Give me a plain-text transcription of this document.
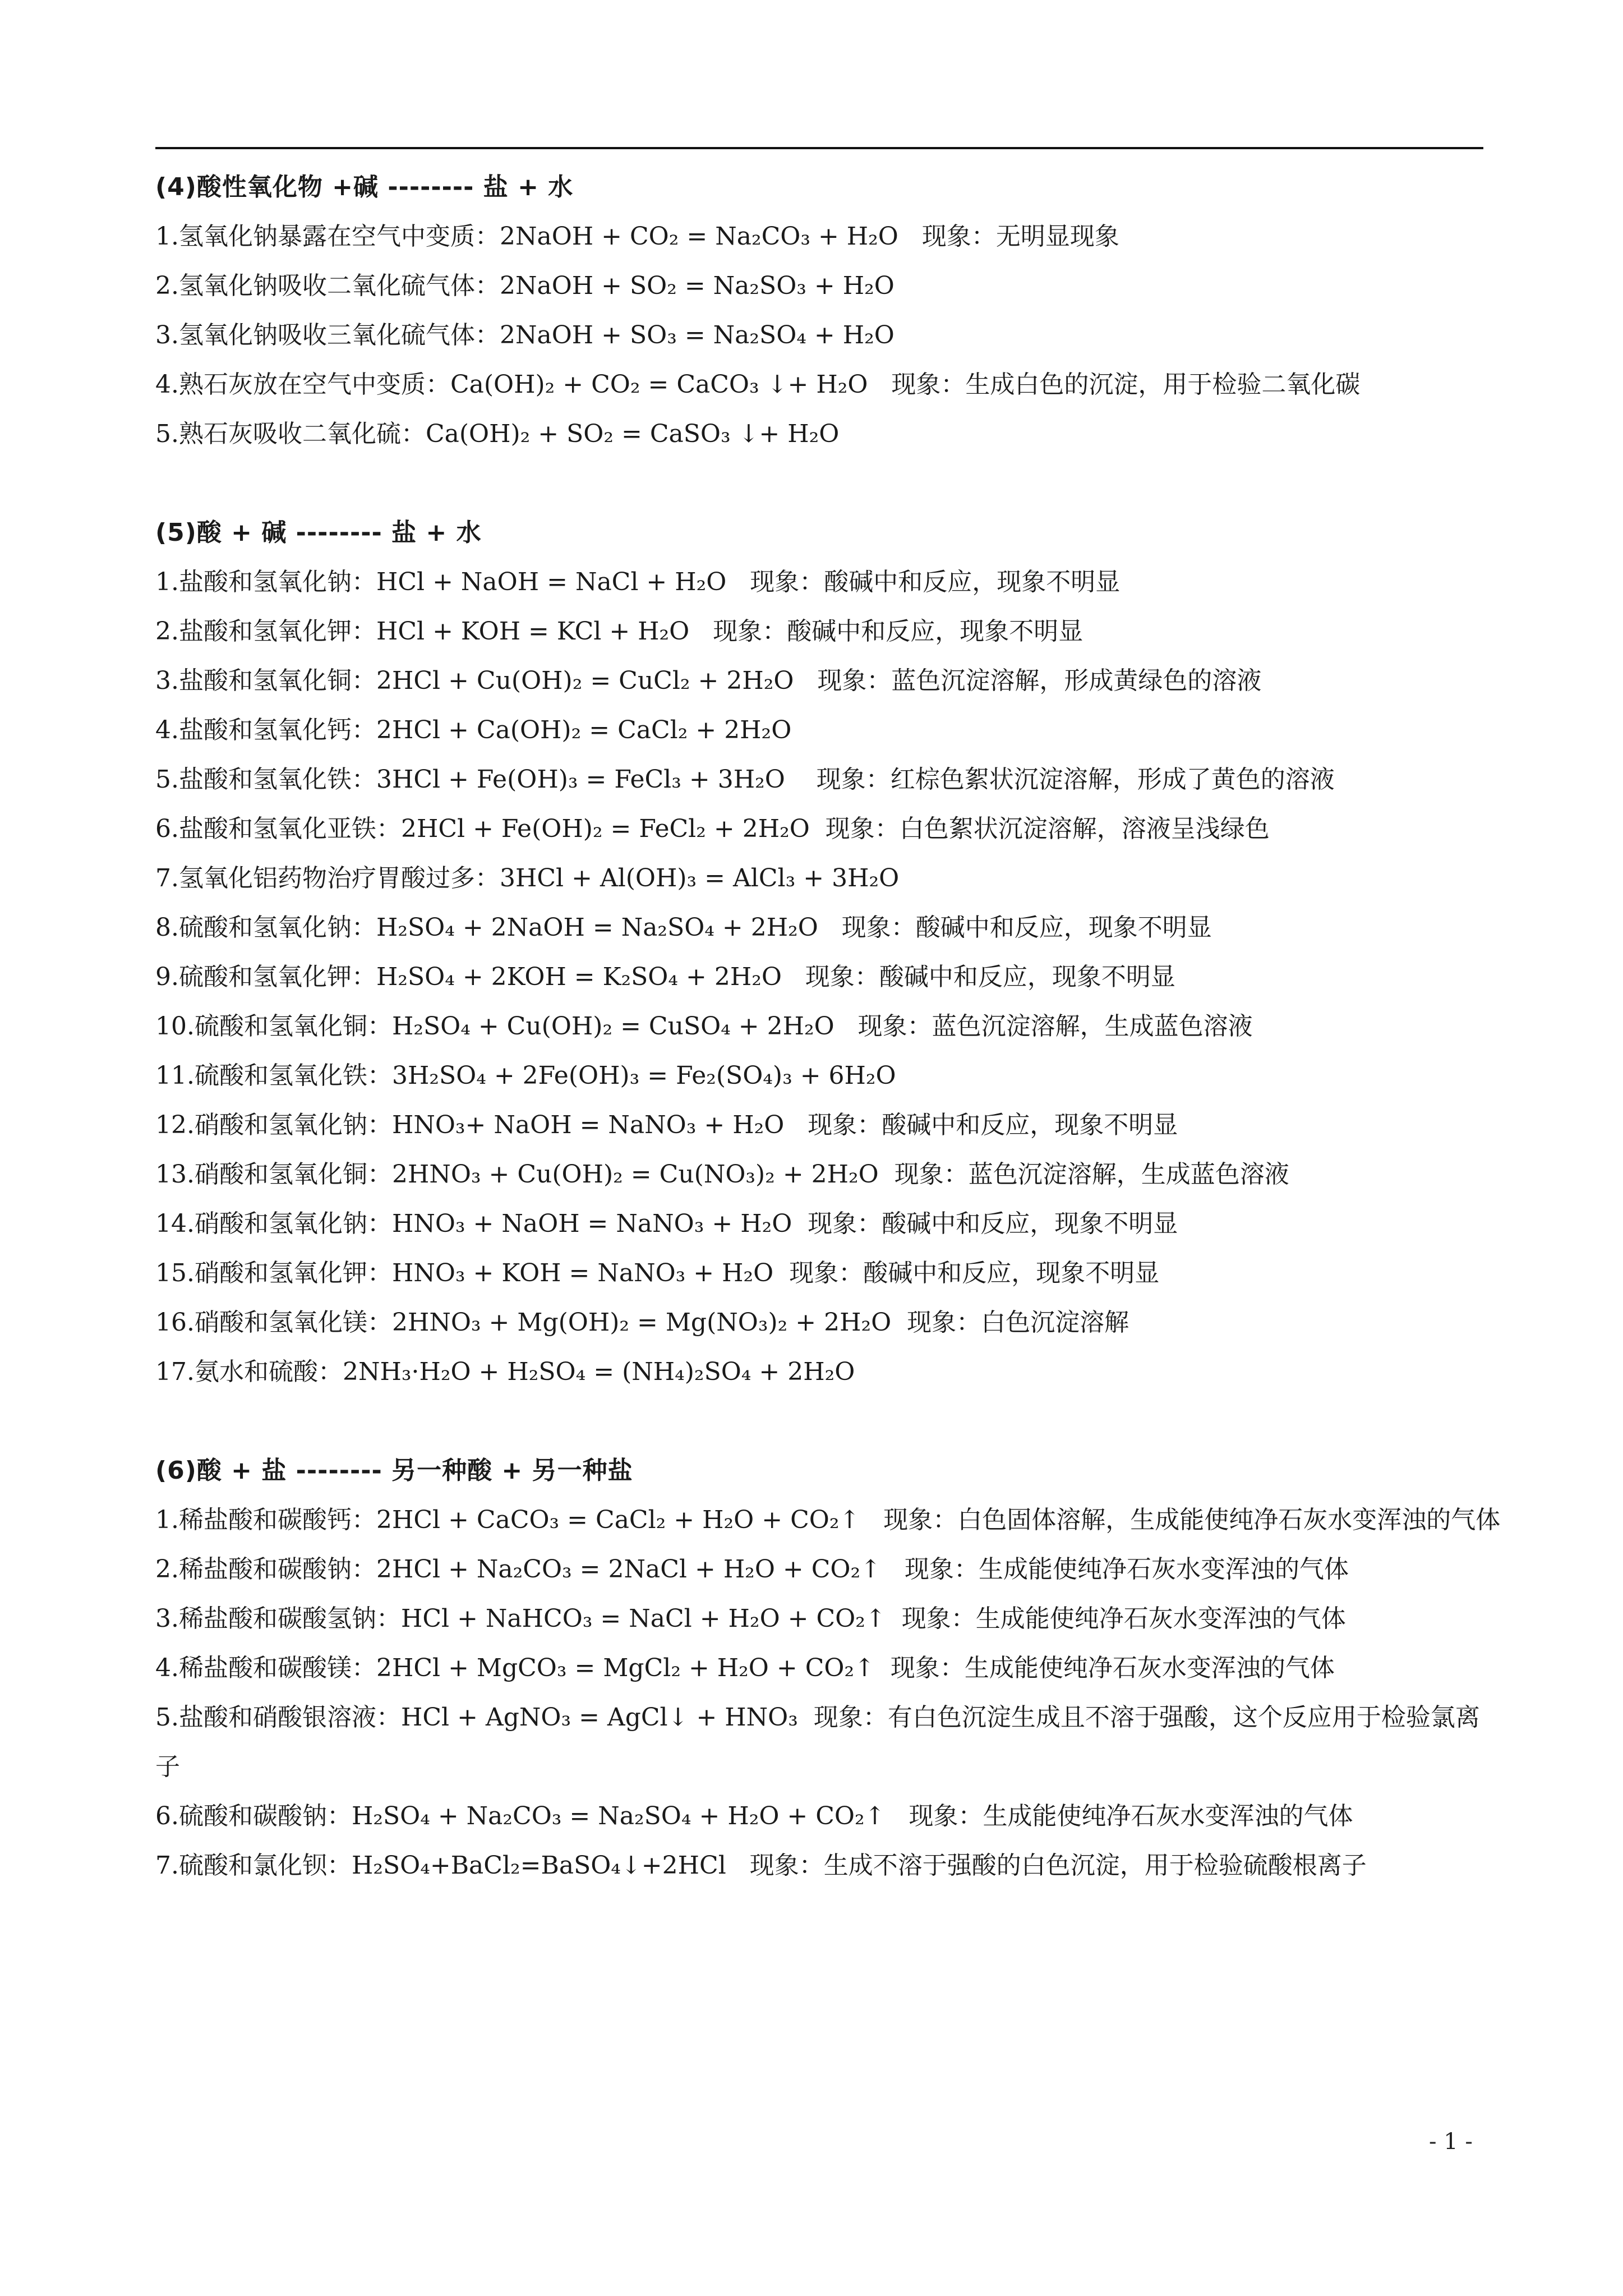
(4)酸性氧化物 +碱 -------- 盐 + 水

1.氢氧化钠暴露在空气中变质：2NaOH + CO₂ = Na₂CO₃ + H₂O   现象：无明显现象

2.氢氧化钠吸收二氧化硫气体：2NaOH + SO₂ = Na₂SO₃ + H₂O

3.氢氧化钠吸收三氧化硫气体：2NaOH + SO₃ = Na₂SO₄ + H₂O

4.熟石灰放在空气中变质：Ca(OH)₂ + CO₂ = CaCO₃ ↓+ H₂O   现象：生成白色的沉淀，用于检验二氧化碳

5.熟石灰吸收二氧化硫：Ca(OH)₂ + SO₂ = CaSO₃ ↓+ H₂O

(5)酸 + 碱 -------- 盐 + 水

1.盐酸和氢氧化钠：HCl + NaOH = NaCl + H₂O   现象：酸碱中和反应，现象不明显

2.盐酸和氢氧化钾：HCl + KOH = KCl + H₂O   现象：酸碱中和反应，现象不明显

3.盐酸和氢氧化铜：2HCl + Cu(OH)₂ = CuCl₂ + 2H₂O   现象：蓝色沉淀溶解，形成黄绿色的溶液

4.盐酸和氢氧化钙：2HCl + Ca(OH)₂ = CaCl₂ + 2H₂O

5.盐酸和氢氧化铁：3HCl + Fe(OH)₃ = FeCl₃ + 3H₂O    现象：红棕色絮状沉淀溶解，形成了黄色的溶液

6.盐酸和氢氧化亚铁：2HCl + Fe(OH)₂ = FeCl₂ + 2H₂O  现象：白色絮状沉淀溶解，溶液呈浅绿色

7.氢氧化铝药物治疗胃酸过多：3HCl + Al(OH)₃ = AlCl₃ + 3H₂O

8.硫酸和氢氧化钠：H₂SO₄ + 2NaOH = Na₂SO₄ + 2H₂O   现象：酸碱中和反应，现象不明显

9.硫酸和氢氧化钾：H₂SO₄ + 2KOH = K₂SO₄ + 2H₂O   现象：酸碱中和反应，现象不明显

10.硫酸和氢氧化铜：H₂SO₄ + Cu(OH)₂ = CuSO₄ + 2H₂O   现象：蓝色沉淀溶解，生成蓝色溶液

11.硫酸和氢氧化铁：3H₂SO₄ + 2Fe(OH)₃ = Fe₂(SO₄)₃ + 6H₂O

12.硝酸和氢氧化钠：HNO₃+ NaOH = NaNO₃ + H₂O   现象：酸碱中和反应，现象不明显

13.硝酸和氢氧化铜：2HNO₃ + Cu(OH)₂ = Cu(NO₃)₂ + 2H₂O  现象：蓝色沉淀溶解，生成蓝色溶液

14.硝酸和氢氧化钠：HNO₃ + NaOH = NaNO₃ + H₂O  现象：酸碱中和反应，现象不明显

15.硝酸和氢氧化钾：HNO₃ + KOH = NaNO₃ + H₂O  现象：酸碱中和反应，现象不明显

16.硝酸和氢氧化镁：2HNO₃ + Mg(OH)₂ = Mg(NO₃)₂ + 2H₂O  现象：白色沉淀溶解

17.氨水和硫酸：2NH₃·H₂O + H₂SO₄ = (NH₄)₂SO₄ + 2H₂O

(6)酸 + 盐 -------- 另一种酸 + 另一种盐

1.稀盐酸和碳酸钙：2HCl + CaCO₃ = CaCl₂ + H₂O + CO₂↑   现象：白色固体溶解，生成能使纯净石灰水变浑浊的气体

2.稀盐酸和碳酸钠：2HCl + Na₂CO₃ = 2NaCl + H₂O + CO₂↑   现象：生成能使纯净石灰水变浑浊的气体

3.稀盐酸和碳酸氢钠：HCl + NaHCO₃ = NaCl + H₂O + CO₂↑  现象：生成能使纯净石灰水变浑浊的气体

4.稀盐酸和碳酸镁：2HCl + MgCO₃ = MgCl₂ + H₂O + CO₂↑  现象：生成能使纯净石灰水变浑浊的气体

5.盐酸和硝酸银溶液：HCl + AgNO₃ = AgCl↓ + HNO₃  现象：有白色沉淀生成且不溶于强酸，这个反应用于检验氯离子

6.硫酸和碳酸钠：H₂SO₄ + Na₂CO₃ = Na₂SO₄ + H₂O + CO₂↑   现象：生成能使纯净石灰水变浑浊的气体

7.硫酸和氯化钡：H₂SO₄+BaCl₂=BaSO₄↓+2HCl   现象：生成不溶于强酸的白色沉淀，用于检验硫酸根离子

- 1 -
